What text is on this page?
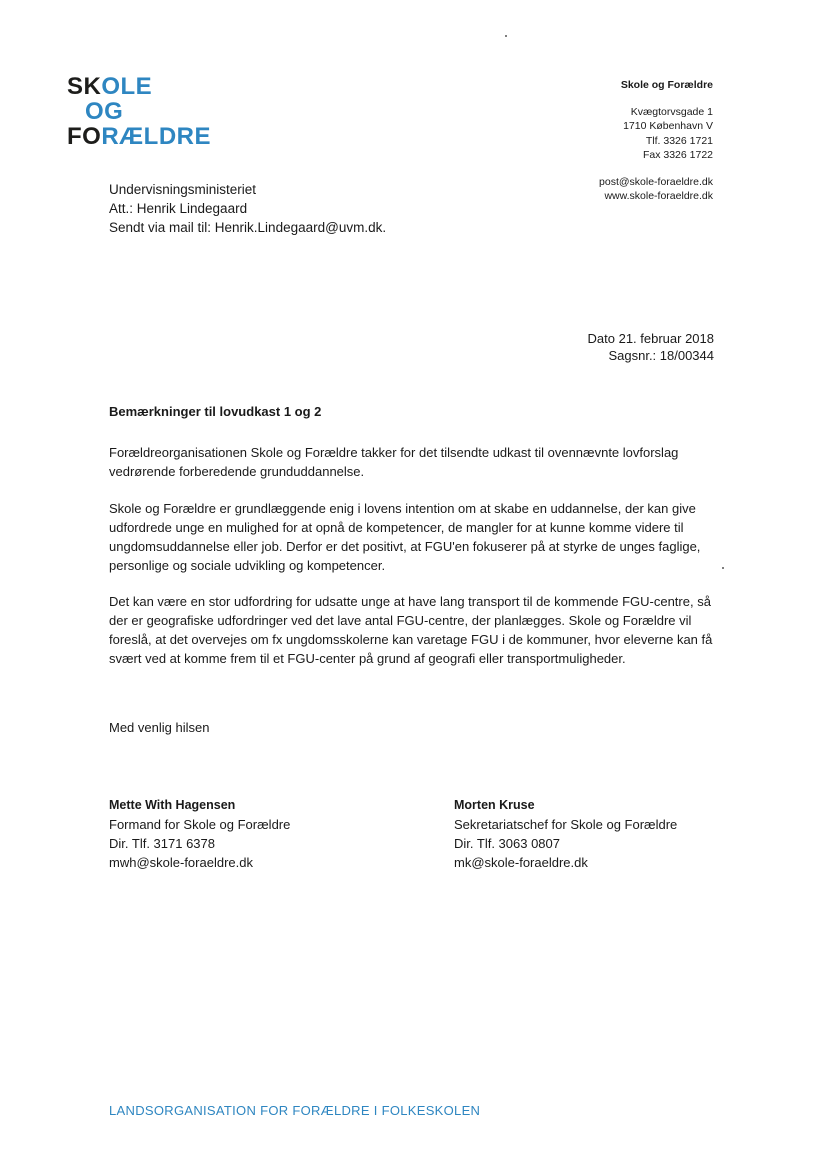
SKOLE
OG
FORÆLDRE
Skole og Forældre
Kvægtorvsgade 1
1710 København V
Tlf. 3326 1721
Fax 3326 1722
post@skole-foraeldre.dk
www.skole-foraeldre.dk
Undervisningsministeriet
Att.: Henrik Lindegaard
Sendt via mail til: Henrik.Lindegaard@uvm.dk.
Dato 21. februar 2018
Sagsnr.: 18/00344
Bemærkninger til lovudkast 1 og 2
Forældreorganisationen Skole og Forældre takker for det tilsendte udkast til ovennævnte lovforslag vedrørende forberedende grunduddannelse.
Skole og Forældre er grundlæggende enig i lovens intention om at skabe en uddannelse, der kan give udfordrede unge en mulighed for at opnå de kompetencer, de mangler for at kunne komme videre til ungdomsuddannelse eller job. Derfor er det positivt, at FGU'en fokuserer på at styrke de unges faglige, personlige og sociale udvikling og kompetencer.
Det kan være en stor udfordring for udsatte unge at have lang transport til de kommende FGU-centre, så der er geografiske udfordringer ved det lave antal FGU-centre, der planlægges. Skole og Forældre vil foreslå, at det overvejes om fx ungdomsskolerne kan varetage FGU i de kommuner, hvor eleverne kan få svært ved at komme frem til et FGU-center på grund af geografi eller transportmuligheder.
Med venlig hilsen
Mette With Hagensen
Formand for Skole og Forældre
Dir. Tlf. 3171 6378
mwh@skole-foraeldre.dk
Morten Kruse
Sekretariatschef for Skole og Forældre
Dir. Tlf. 3063 0807
mk@skole-foraeldre.dk
LANDSORGANISATION FOR FORÆLDRE I FOLKESKOLEN
